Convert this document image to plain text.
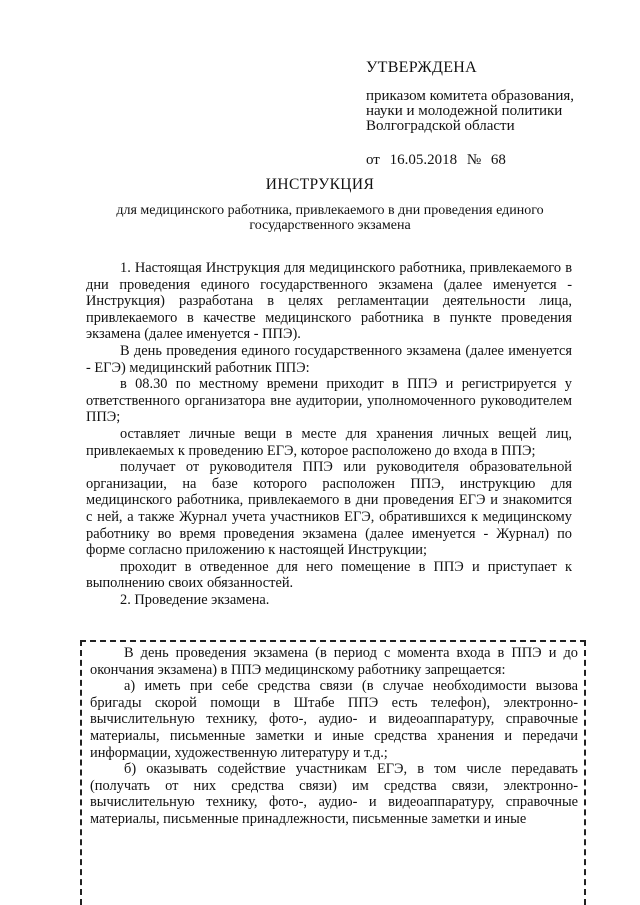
УТВЕРЖДЕНА
приказом комитета образования,
науки и молодежной политики
Волгоградской области
от 16.05.2018 № 68
ИНСТРУКЦИЯ
для медицинского работника, привлекаемого в дни проведения единого государственного экзамена

1. Настоящая Инструкция для медицинского работника, привлекаемого в дни проведения единого государственного экзамена (далее именуется - Инструкция) разработана в целях регламентации деятельности лица, привлекаемого в качестве медицинского работника в пункте проведения экзамена (далее именуется - ППЭ).

В день проведения единого государственного экзамена (далее именуется - ЕГЭ) медицинский работник ППЭ:

в 08.30 по местному времени приходит в ППЭ и регистрируется у ответственного организатора вне аудитории, уполномоченного руководителем ППЭ;

оставляет личные вещи в месте для хранения личных вещей лиц, привлекаемых к проведению ЕГЭ, которое расположено до входа в ППЭ;

получает от руководителя ППЭ или руководителя образовательной организации, на базе которого расположен ППЭ, инструкцию для медицинского работника, привлекаемого в дни проведения ЕГЭ и знакомится с ней, а также Журнал учета участников ЕГЭ, обратившихся к медицинскому работнику во время проведения экзамена (далее именуется - Журнал) по форме согласно приложению к настоящей Инструкции;

проходит в отведенное для него помещение в ППЭ и приступает к выполнению своих обязанностей.

2. Проведение экзамена.

В день проведения экзамена (в период с момента входа в ППЭ и до окончания экзамена) в ППЭ медицинскому работнику запрещается:

а) иметь при себе средства связи (в случае необходимости вызова бригады скорой помощи в Штабе ППЭ есть телефон), электронно-вычислительную технику, фото-, аудио- и видеоаппаратуру, справочные материалы, письменные заметки и иные средства хранения и передачи информации, художественную литературу и т.д.;

б) оказывать содействие участникам ЕГЭ, в том числе передавать (получать от них средства связи) им средства связи, электронно-вычислительную технику, фото-, аудио- и видеоаппаратуру, справочные материалы, письменные принадлежности, письменные заметки и иные
